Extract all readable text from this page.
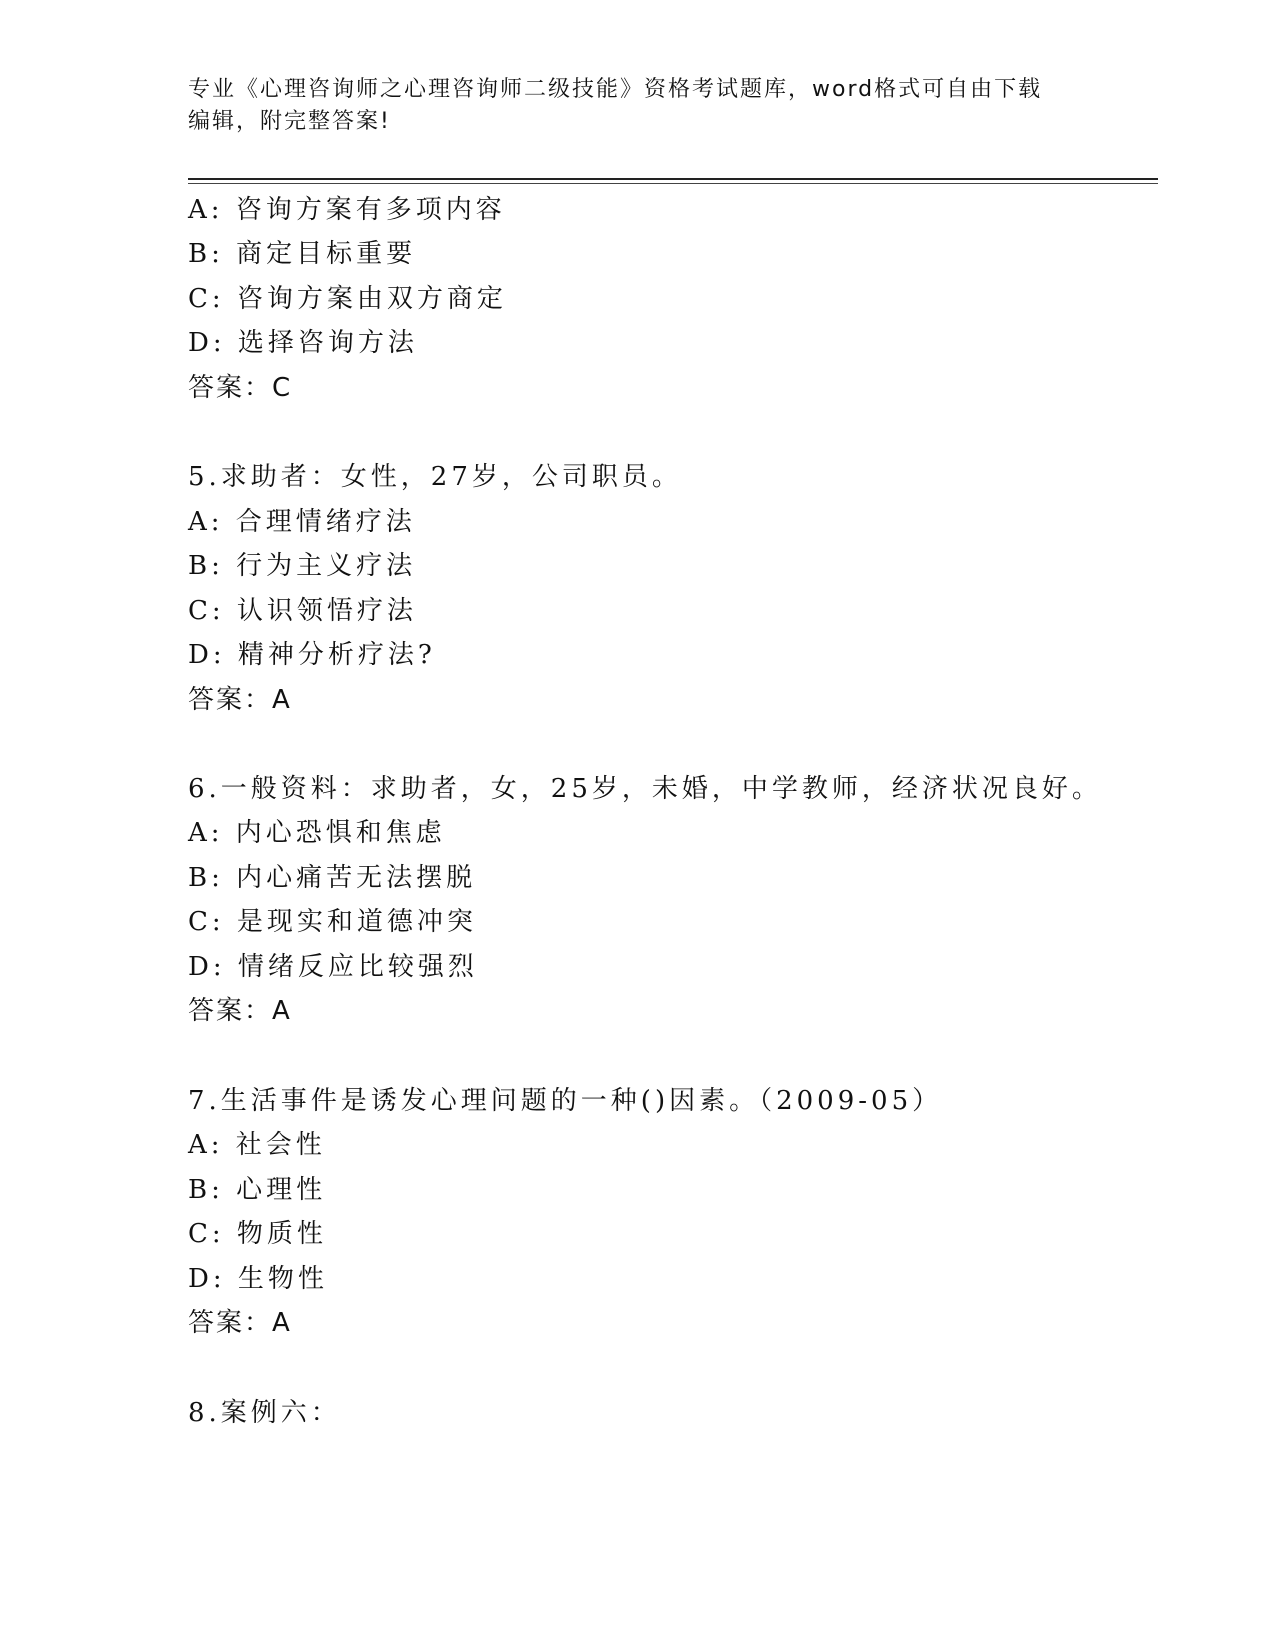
专业《心理咨询师之心理咨询师二级技能》资格考试题库，word格式可自由下载
编辑，附完整答案!
A: 咨询方案有多项内容
B: 商定目标重要
C: 咨询方案由双方商定
D: 选择咨询方法
答案：C
5.求助者：女性，27岁，公司职员。
A: 合理情绪疗法
B: 行为主义疗法
C: 认识领悟疗法
D: 精神分析疗法?
答案：A
6.一般资料：求助者，女，25岁，未婚，中学教师，经济状况良好。
A: 内心恐惧和焦虑
B: 内心痛苦无法摆脱
C: 是现实和道德冲突
D: 情绪反应比较强烈
答案：A
7.生活事件是诱发心理问题的一种()因素。（2009-05）
A: 社会性
B: 心理性
C: 物质性
D: 生物性
答案：A
8.案例六：
